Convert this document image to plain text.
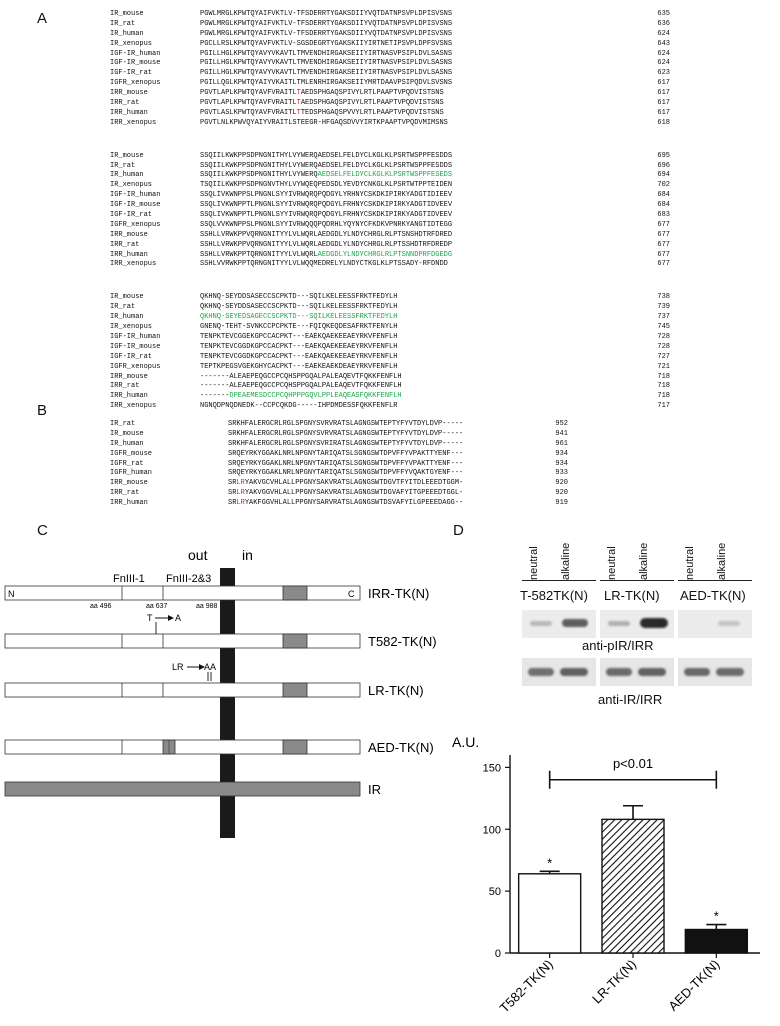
A
B
C	D
IR_mouse	PGWLMRGLKPWTQYAIFVKTLV-TFSDERRTYGAKSDIIYVQTDATNPSVPLDPISVSNS	635
IR_rat	PGWLMRGLKPWTQYAIFVKTLV-TFSDERRTYGAKSDIIYVQTDATNPSVPLDPISVSNS	636
IR_human	PGWLMRGLKPWTQYAIFVKTLV-TFSDERRTYGAKSDIIYVQTDATNPSVPLDPISVSNS	624
IR_xenopus	PGCLLRSLKPWTQYAVFVKTLV-SGSDEGRTYGAKSKIIYIRTNETIPSVPLDPFSVSNS	643
IGF-IR_human	PGILLHGLKPWTQYAVYVKAVTLTMVENDHIRGAKSEIIYIRTNASVPSIPLDVLSASNS	624
IGF-IR_mouse	PGILLHGLKPWTQYAVYVKAVTLTMVENDHIRGAKSEIIYIRTNASVPSIPLDVLSASNS	624
IGF-IR_rat	PGILLHGLKPWTQYAVYVKAVTLTMVENDHIRGAKSEIIYIRTNASVPSIPLDVLSASNS	623
IGFR_xenopus	PGILLQGLKPWTQYAIYVKAITLTMLENRHIRGAKSEIIYMRTDAAVPSIPQDVLSVSNS	617
IRR_mouse	PGVTLAPLKPWTQYAVFVRAITLTAEDSPHGAQSPIVYLRTLPAAPTVPQDVISTSNS	617
IRR_rat	PGVTLAPLKPWTQYAVFVRAITLTAEDSPHGAQSPIVYLRTLPAAPTVPQDVISTSNS	617
IRR_human	PGVTLASLKPWTQYAVFVRAITLTTEDSPHGAQSPVVYLRTLPAAPTVPQDVISTSNS	617
IRR_xenopus	PGVTLNLKPWVQYAIYVRAITLSTEEGR-HFGAQSDVVYIRTKPAAPTVPQDVMIMSNS	618
IR_mouse	SSQIILKWKPPSDPNGNITHYLVYWERQAEDSELFELDYCLKGLKLPSRTWSPPFESDDS	695
IR_rat	SSQIILKWKPPSDPNGNITHYLVYWERQAEDSELFELDYCLKGLKLPSRTWSPPFESDDS	696
IR_human	SSQIILKWKPPSDPNGNITHYLVYWERQAEDSELFELDYCLKGLKLPSRTWSPPFESEDS	694
IR_xenopus	TSQIILKWKPPSDPNGNVTHYLVYWQEQPEDSDLYEVDYCNKGLKLPSRTWTPPTEIDEN	702
IGF-IR_human	SSQLIVKWNPPSLPNGNLSYYIVRWQRQPQDGYLYRHNYCSKDKIPIRKYADGTIDIEEV	684
IGF-IR_mouse	SSQLIVKWNPPTLPNGNLSYYIVRWQRQPQDGYLFRHNYCSKDKIPIRKYADGTIDVEEV	684
IGF-IR_rat	SSQLIVKWNPPTLPNGNLSYYIVRWQRQPQDGYLFRHNYCSKDKIPIRKYADGTIDVEEV	683
IGFR_xenopus	SSQLVVKWNPPSLPNGNLSYYIVRWQQQPQDRHLYQYNYCFKDKVPNRKYANGTIDTEGG	677
IRR_mouse	SSHLLVRWKPPVQRNGNITYYLVLWQRLAEDGDLYLNDYCHRGLRLPTSNSHDTRFDRED	677
IRR_rat	SSHLLVRWKPPVQRNGNITYYLVLWQRLAEDGDLYLNDYCHRGLRLPTSSHDTRFDREDP	677
IRR_human	SSHLLVRWKPPTQRNGNITYYLVLWQRLAEDGDLYLNDYCHRGLRLPTSNNDPRFDGEDG	677
IRR_xenopus	SSHLVVRWKPPTQRNGNITYYLVLWQQMEDRELYLNDYCTKGLKLPTSSADY-RFDNDD	677
IR_mouse	QKHNQ-SEYDDSASECCSCPKTD---SQILKELEESSFRKTFEDYLH	738
IR_rat	QKHNQ-SEYDDSASECCSCPKTD---SQILKELEESSFRKTFEDYLH	739
IR_human	QKHNQ-SEYEDSAGECCSCPKTD---SQILKELEESSFRKTFEDYLH	737
IR_xenopus	GNENQ-TEHT-SVNKCCPCPKTE---FQIQKEQDESAFRKTFENYLH	745
IGF-IR_human	TENPKTEVCGGEKGPCCACPKT---EAEKQAEKEEAEYRKVFENFLH	728
IGF-IR_mouse	TENPKTEVCGGDKGPCCACPKT---EAEKQAEKEEAEYRKVFENFLH	728
IGF-IR_rat	TENPKTEVCGGDKGPCCACPKT---EAEKQAEKEEAEYRKVFENFLH	727
IGFR_xenopus	TEPTKPEGSVGEKGHYCACPKT---EAEKEAEKDEAEYRKVFENFLH	721
IRR_mouse	-------ALEAEPEQGCCPCQHSPPGQALPALEAQEVTFQKKFENFLH	718
IRR_rat	-------ALEAEPEQGCCPCQHSPPGQALPALEAQEVTFQKKFENFLH	718
IRR_human	-------DPEAEMESDCCPCQHPPPGQVLPPLEAQEASFQKKFENFLH	718
IRR_xenopus	NGNQDPNQDNEDK--CCPCQKDG-----IHPDMDESSFQKKFENFLR	717
IR_rat	SRKHFALERGCRLRGLSPGNYSVRVRATSLAGNGSWTEPTYFYVTDYLDVP-----	952
IR_mouse	SRKHFALERGCRLRGLSPGNYSVRVRATSLAGNGSWTEPTYFYVTDYLDVP-----	941
IR_human	SRKHFALERGCRLRGLSPGNYSVRIRATSLAGNGSWTEPTYFYVTDYLDVP-----	961
IGFR_mouse	SRQEYRKYGGAKLNRLNPGNYTARIQATSLSGNGSWTDPVFFYVPAKTTYENF---	934
IGFR_rat	SRQEYRKYGGAKLNRLNPGNYTARIQATSLSGNGSWTDPVFFYVPAKTTYENF---	934
IGFR_human	SRQEYRKYGGAKLNRLNPGNYTARIQATSLSGNGSWTDPVFFYVQAKTGYENF---	933
IRR_mouse	SRLRYAKVGCVHLALLPPGNYSAKVRATSLAGNGSWTDGVTFYITDLEEEDTGGM-	920
IRR_rat	SRLRYAKVGGVHLALLPPGNYSAKVRATSLAGNGSWTDGVAFYITGPEEEDTGGL-	920
IRR_human	SRLRYAKFGGVHLALLPPGNYSARVRATSLAGNGSWTDSVAFYILGPEEEDAGG--	919
out in
FnIII-1 FnIII-2&3
N	C
aa 496	aa 637	aa 988
IRR-TK(N)
T	A
T582-TK(N)
LR AA
LR-TK(N)
AED-TK(N)
IR
neutral alkaline	neutral alkaline	neutral alkaline
T-582TK(N) LR-TK(N) AED-TK(N)
anti-pIR/IRR
anti-IR/IRR
A.U.
0
50
100
150
*
T582-TK(N)	LR-TK(N)
*
AED-TK(N)
p<0.01
